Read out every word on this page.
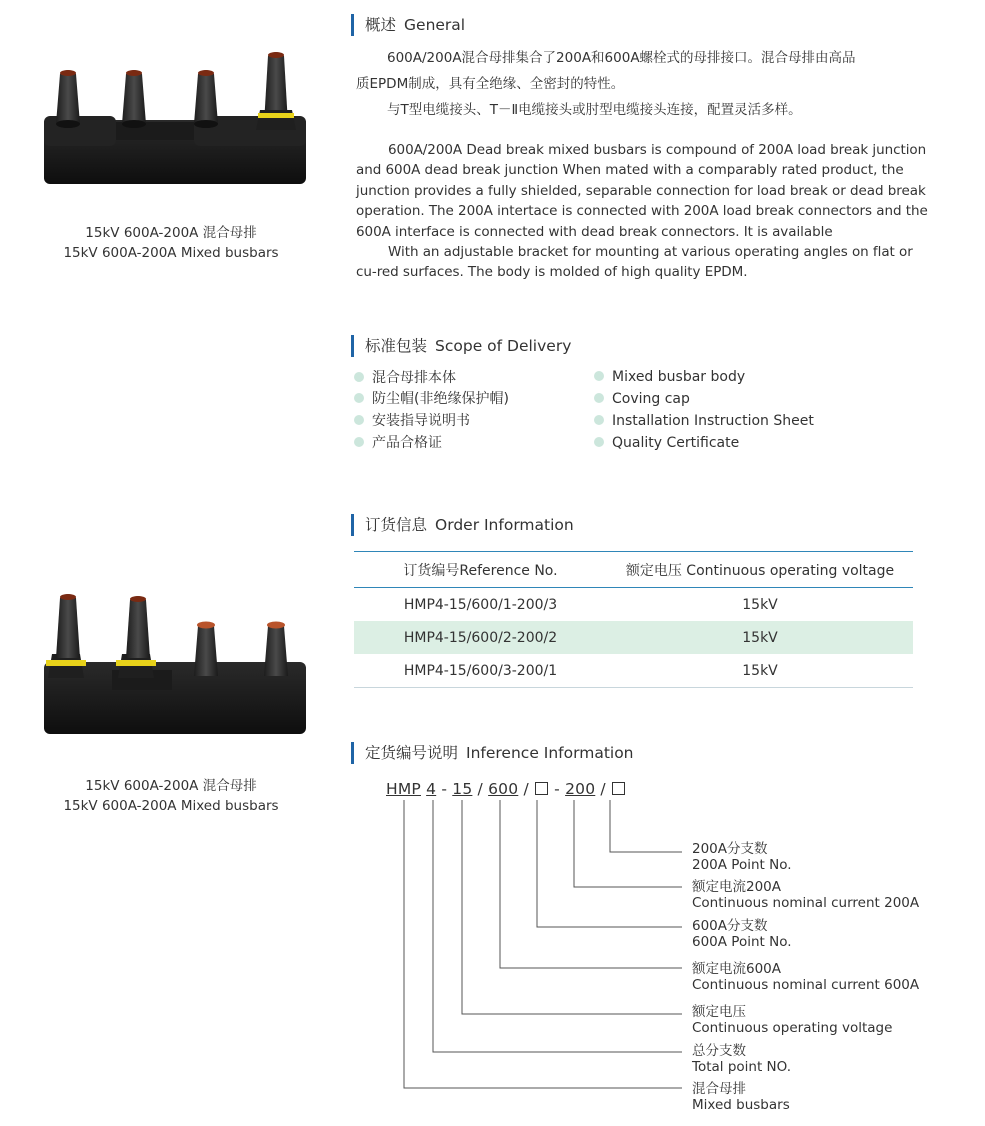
15kV 600A-200A 混合母排
15kV 600A-200A Mixed busbars
15kV 600A-200A 混合母排
15kV 600A-200A Mixed busbars
概述 General
600A/200A混合母排集合了200A和600A螺栓式的母排接口。混合母排由高品
质EPDM制成，具有全绝缘、全密封的特性。
与T型电缆接头、T－Ⅱ电缆接头或肘型电缆接头连接，配置灵活多样。

600A/200A Dead break mixed busbars is compound of 200A load break junction and 600A dead break junction When mated with a comparably rated product, the junction provides a fully shielded, separable connection for load break or dead break operation. The 200A intertace is connected with 200A load break connectors and the 600A interface is connected with dead break connectors. It is available

With an adjustable bracket for mounting at various operating angles on flat or cu-red surfaces. The body is molded of high quality EPDM.

标准包装 Scope of Delivery
混合母排本体
防尘帽(非绝缘保护帽)
安装指导说明书
产品合格证
Mixed busbar body
Coving cap
Installation Instruction Sheet
Quality Certificate
订货信息 Order Information
订货编号Reference No.	额定电压 Continuous operating voltage
HMP4-15/600/1-200/3	15kV
HMP4-15/600/2-200/2	15kV
HMP4-15/600/3-200/1	15kV
定货编号说明 Inference Information
HMP 4 - 15 / 600 / - 200 /
200A分支数
200A Point No.
额定电流200A
Continuous nominal current 200A
600A分支数
600A Point No.
额定电流600A
Continuous nominal current 600A
额定电压
Continuous operating voltage
总分支数
Total point NO.
混合母排
Mixed busbars
